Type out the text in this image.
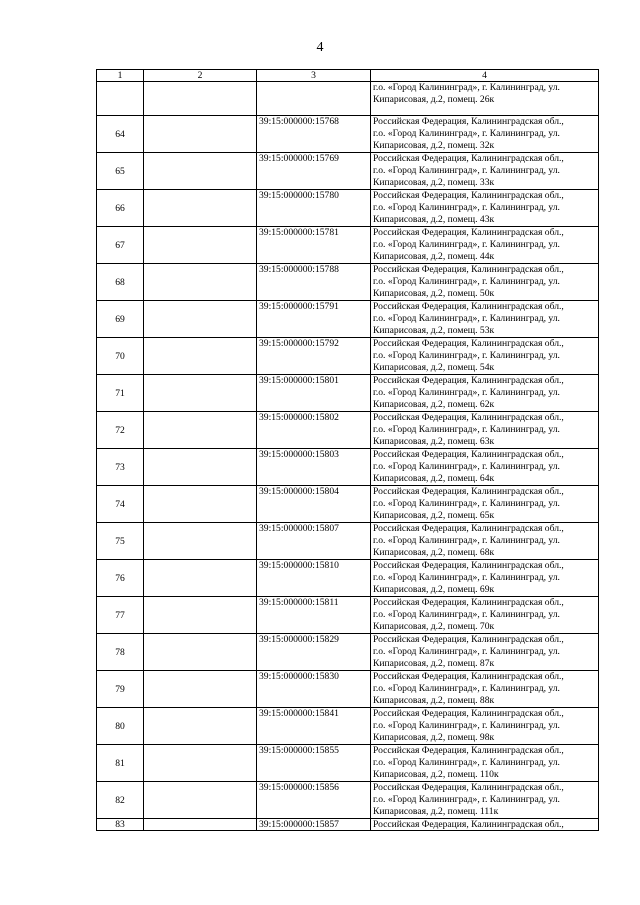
4
1	2	3	4

			г.о. «Город Калининград», г. Калининград, ул.
Кипарисовая, д.2, помещ. 26к

64		39:15:000000:15768	Российская Федерация, Калининградская обл.,
г.о. «Город Калининград», г. Калининград, ул.
Кипарисовая, д.2, помещ. 32к

65		39:15:000000:15769	Российская Федерация, Калининградская обл.,
г.о. «Город Калининград», г. Калининград, ул.
Кипарисовая, д.2, помещ. 33к

66		39:15:000000:15780	Российская Федерация, Калининградская обл.,
г.о. «Город Калининград», г. Калининград, ул.
Кипарисовая, д.2, помещ. 43к

67		39:15:000000:15781	Российская Федерация, Калининградская обл.,
г.о. «Город Калининград», г. Калининград, ул.
Кипарисовая, д.2, помещ. 44к

68		39:15:000000:15788	Российская Федерация, Калининградская обл.,
г.о. «Город Калининград», г. Калининград, ул.
Кипарисовая, д.2, помещ. 50к

69		39:15:000000:15791	Российская Федерация, Калининградская обл.,
г.о. «Город Калининград», г. Калининград, ул.
Кипарисовая, д.2, помещ. 53к

70		39:15:000000:15792	Российская Федерация, Калининградская обл.,
г.о. «Город Калининград», г. Калининград, ул.
Кипарисовая, д.2, помещ. 54к

71		39:15:000000:15801	Российская Федерация, Калининградская обл.,
г.о. «Город Калининград», г. Калининград, ул.
Кипарисовая, д.2, помещ. 62к

72		39:15:000000:15802	Российская Федерация, Калининградская обл.,
г.о. «Город Калининград», г. Калининград, ул.
Кипарисовая, д.2, помещ. 63к

73		39:15:000000:15803	Российская Федерация, Калининградская обл.,
г.о. «Город Калининград», г. Калининград, ул.
Кипарисовая, д.2, помещ. 64к

74		39:15:000000:15804	Российская Федерация, Калининградская обл.,
г.о. «Город Калининград», г. Калининград, ул.
Кипарисовая, д.2, помещ. 65к

75		39:15:000000:15807	Российская Федерация, Калининградская обл.,
г.о. «Город Калининград», г. Калининград, ул.
Кипарисовая, д.2, помещ. 68к

76		39:15:000000:15810	Российская Федерация, Калининградская обл.,
г.о. «Город Калининград», г. Калининград, ул.
Кипарисовая, д.2, помещ. 69к

77		39:15:000000:15811	Российская Федерация, Калининградская обл.,
г.о. «Город Калининград», г. Калининград, ул.
Кипарисовая, д.2, помещ. 70к

78		39:15:000000:15829	Российская Федерация, Калининградская обл.,
г.о. «Город Калининград», г. Калининград, ул.
Кипарисовая, д.2, помещ. 87к

79		39:15:000000:15830	Российская Федерация, Калининградская обл.,
г.о. «Город Калининград», г. Калининград, ул.
Кипарисовая, д.2, помещ. 88к

80		39:15:000000:15841	Российская Федерация, Калининградская обл.,
г.о. «Город Калининград», г. Калининград, ул.
Кипарисовая, д.2, помещ. 98к

81		39:15:000000:15855	Российская Федерация, Калининградская обл.,
г.о. «Город Калининград», г. Калининград, ул.
Кипарисовая, д.2, помещ. 110к

82		39:15:000000:15856	Российская Федерация, Калининградская обл.,
г.о. «Город Калининград», г. Калининград, ул.
Кипарисовая, д.2, помещ. 111к

83		39:15:000000:15857	Российская Федерация, Калининградская обл.,
